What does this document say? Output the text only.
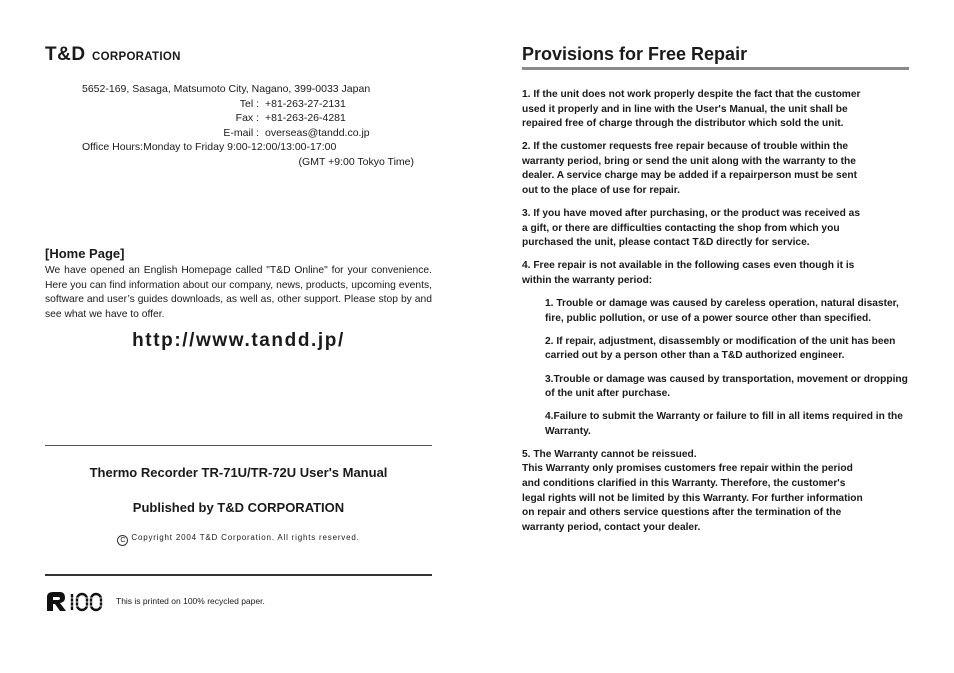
T&D CORPORATION
5652-169, Sasaga, Matsumoto City, Nagano, 399-0033 Japan
Tel : +81-263-27-2131
Fax : +81-263-26-4281
E-mail : overseas@tandd.co.jp
Office Hours:Monday to Friday 9:00-12:00/13:00-17:00
(GMT +9:00 Tokyo Time)
[Home Page]
We have opened an English Homepage called "T&D Online" for your convenience. Here you can find information about our company, news, products, upcoming events, software and user’s guides downloads, as well as, other support. Please stop by and see what we have to offer.
http://www.tandd.jp/
Thermo Recorder TR-71U/TR-72U User's Manual
Published by T&D CORPORATION
C Copyright 2004 T&D Corporation. All rights reserved.
This is printed on 100% recycled paper.
Provisions for Free Repair
1. If the unit does not work properly despite the fact that the customer
used it properly and in line with the User's Manual, the unit shall be
repaired free of charge through the distributor which sold the unit.
2. If the customer requests free repair because of trouble within the
warranty period, bring or send the unit along with the warranty to the
dealer. A service charge may be added if a repairperson must be sent
out to the place of use for repair.
3. If you have moved after purchasing, or the product was received as
a gift, or there are difficulties contacting the shop from which you
purchased the unit, please contact T&D directly for service.
4. Free repair is not available in the following cases even though it is
within the warranty period:
1. Trouble or damage was caused by careless operation, natural disaster, fire, public pollution, or use of a power source other than specified.
2. If repair, adjustment, disassembly or modification of the unit has been carried out by a person other than a T&D authorized engineer.
3.Trouble or damage was caused by transportation, movement or dropping of the unit after purchase.
4.Failure to submit the Warranty or failure to fill in all items required in the Warranty.
5. The Warranty cannot be reissued.
This Warranty only promises customers free repair within the period
and conditions clarified in this Warranty. Therefore, the customer's
legal rights will not be limited by this Warranty. For further information
on repair and others service questions after the termination of the
warranty period, contact your dealer.
